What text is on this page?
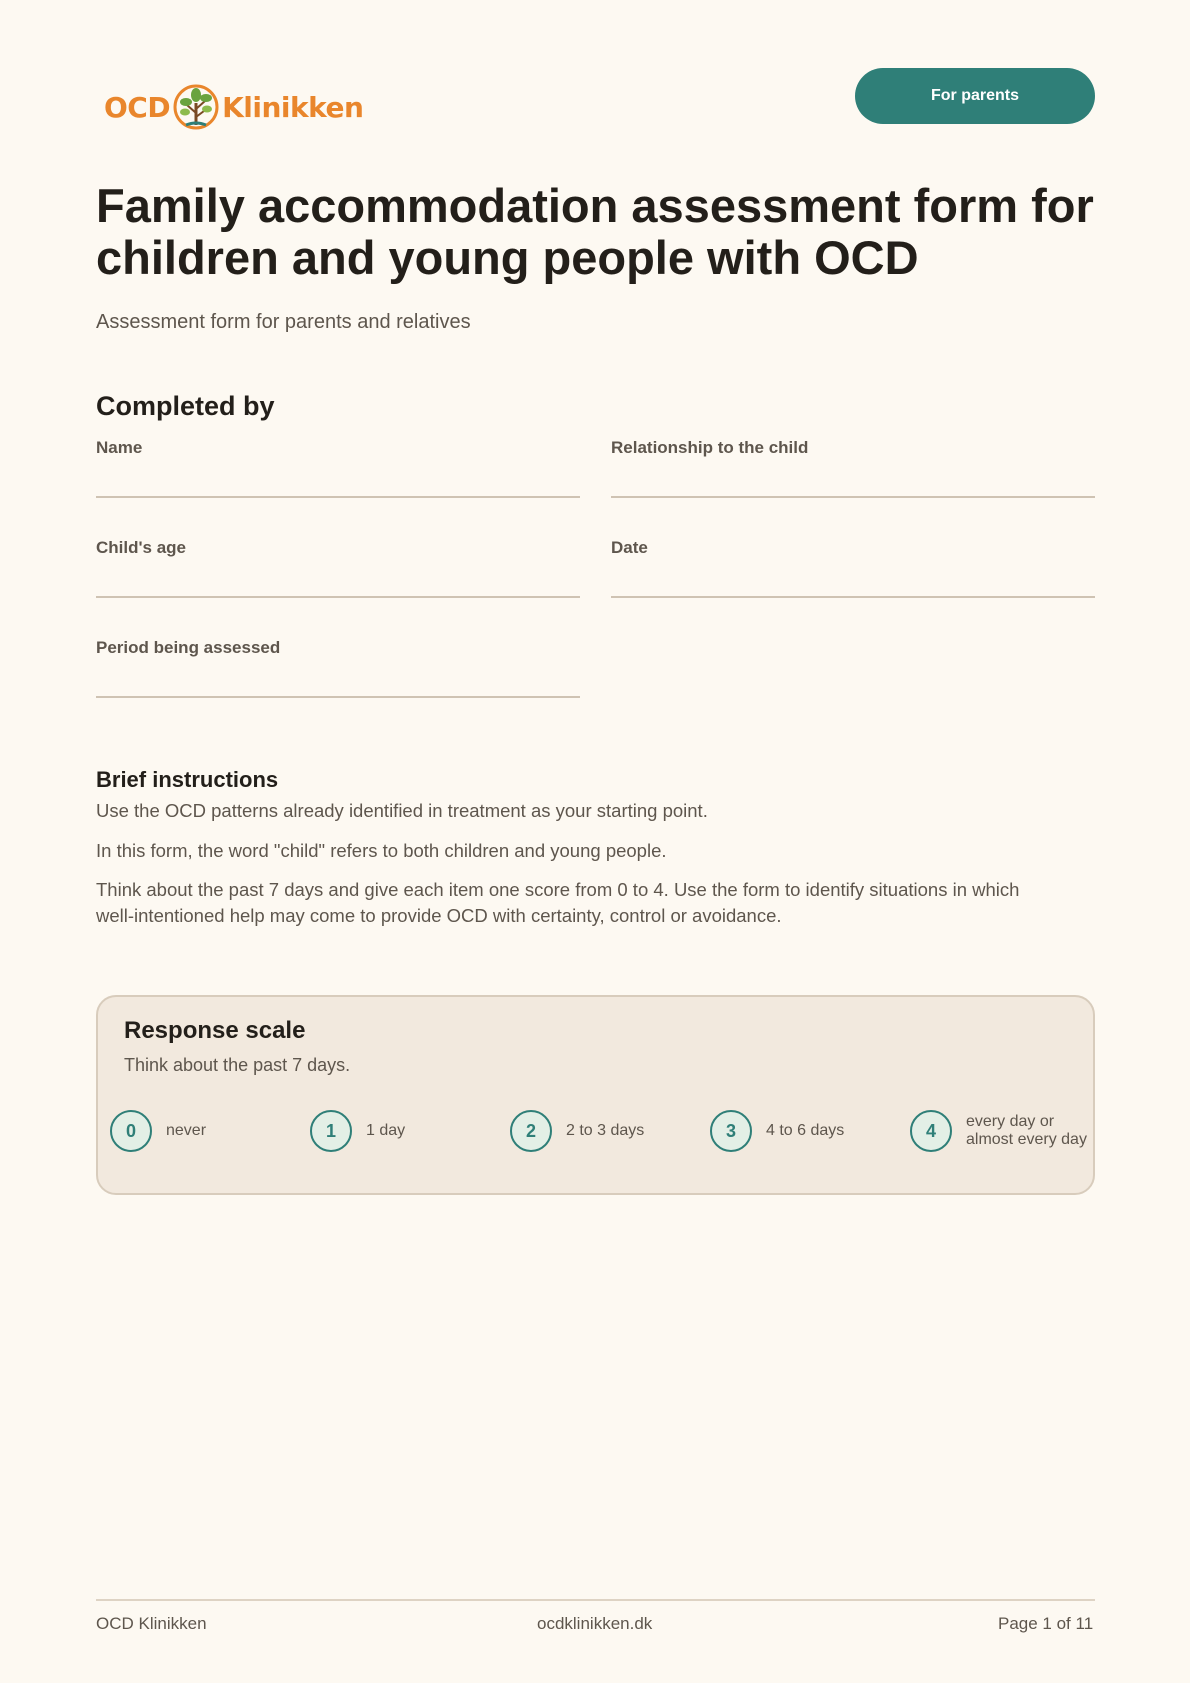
OCD Klinikken	For parents
Family accommodation assessment form for children and young people with OCD
Assessment form for parents and relatives
Completed by
Name	Relationship to the child
Child's age	Date
Period being assessed
Brief instructions

Use the OCD patterns already identified in treatment as your starting point.

In this form, the word "child" refers to both children and young people.

Think about the past 7 days and give each item one score from 0 to 4. Use the form to identify situations in which well-intentioned help may come to provide OCD with certainty, control or avoidance.

Response scale
Think about the past 7 days.
0	never	1	1 day	2	2 to 3 days	3	4 to 6 days	4	every day or
almost every day
OCD Klinikken	ocdklinikken.dk	Page 1 of 11
